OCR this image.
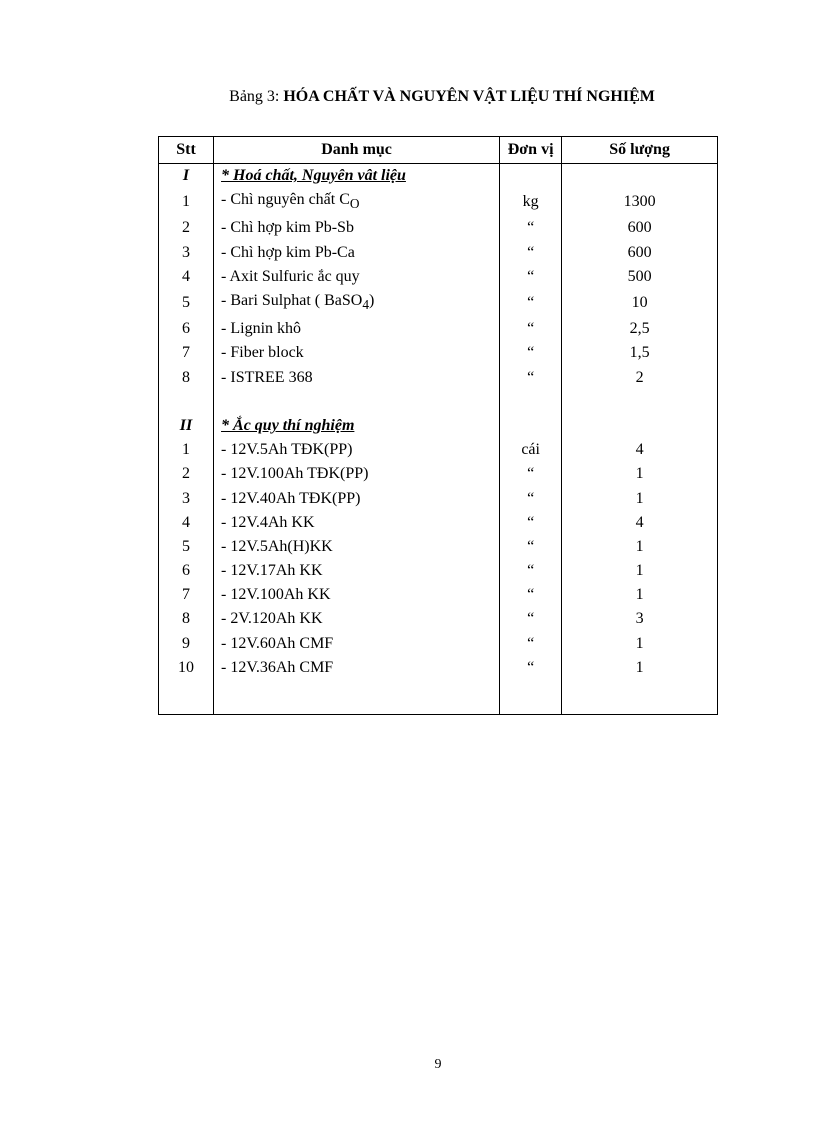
Bảng 3: HÓA CHẤT VÀ NGUYÊN VẬT LIỆU THÍ NGHIỆM
Stt	Danh mục	Đơn vị	Số lượng
I	* Hoá chất, Nguyên vât liệu		
1	- Chì nguyên chất $C_O$	kg	1300
2	- Chì hợp kim Pb-Sb	“	600
3	- Chì hợp kim Pb-Ca	“	600
4	- Axit Sulfuric ắc quy	“	500
5	- Bari Sulphat ( BaSO$_4$)	“	10
6	- Lignin khô	“	2,5
7	- Fiber block	“	1,5
8	- ISTREE 368	“	2

II	* Ắc quy thí nghiệm		
1	- 12V.5Ah TĐK(PP)	cái	4
2	- 12V.100Ah TĐK(PP)	“	1
3	- 12V.40Ah TĐK(PP)	“	1
4	- 12V.4Ah KK	“	4
5	- 12V.5Ah(H)KK	“	1
6	- 12V.17Ah KK	“	1
7	- 12V.100Ah KK	“	1
8	- 2V.120Ah KK	“	3
9	- 12V.60Ah CMF	“	1
10	- 12V.36Ah CMF	“	1

9
